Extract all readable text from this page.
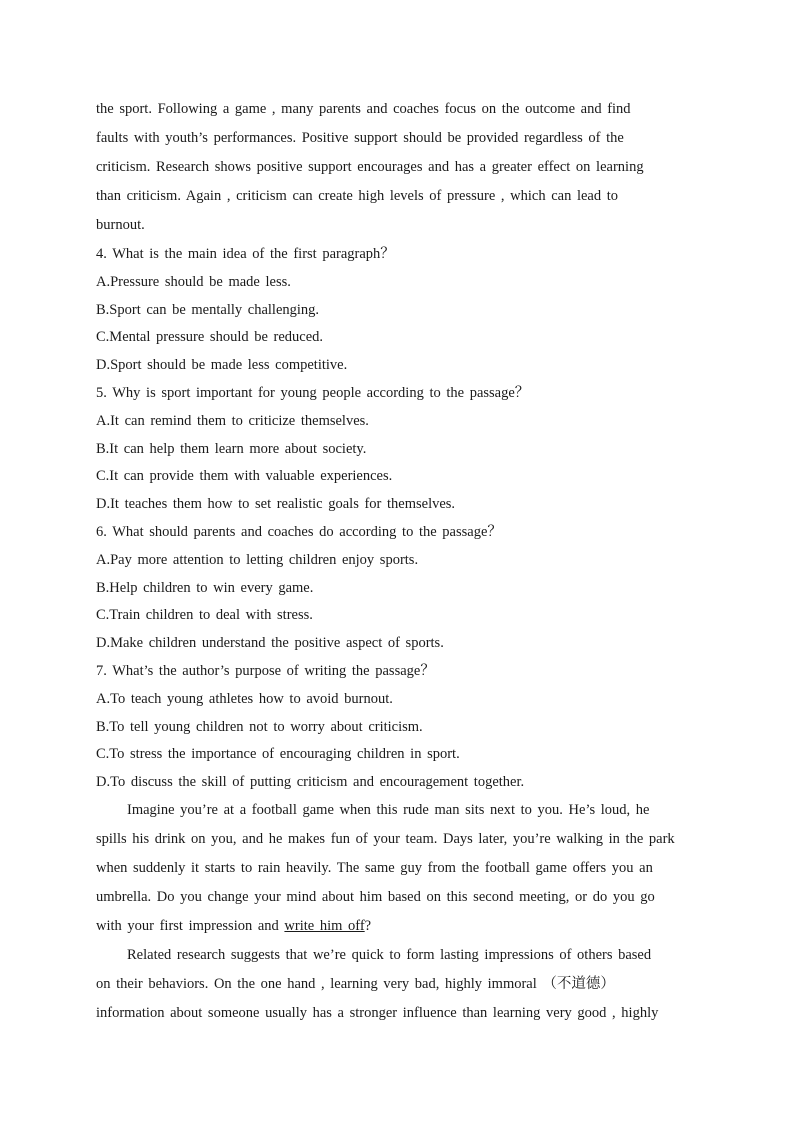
the sport. Following a game , many parents and coaches focus on the outcome and find
faults with youth’s performances. Positive support should be provided regardless of the
criticism. Research shows positive support encourages and has a greater effect on learning
than criticism. Again , criticism can create high levels of pressure , which can lead to
burnout.
4. What is the main idea of the first paragraph？
A.Pressure should be made less.
B.Sport can be mentally challenging.
C.Mental pressure should be reduced.
D.Sport should be made less competitive.
5. Why is sport important for young people according to the passage？
A.It can remind them to criticize themselves.
B.It can help them learn more about society.
C.It can provide them with valuable experiences.
D.It teaches them how to set realistic goals for themselves.
6. What should parents and coaches do according to the passage？
A.Pay more attention to letting children enjoy sports.
B.Help children to win every game.
C.Train children to deal with stress.
D.Make children understand the positive aspect of sports.
7. What’s the author’s purpose of writing the passage？
A.To teach young athletes how to avoid burnout.
B.To tell young children not to worry about criticism.
C.To stress the importance of encouraging children in sport.
D.To discuss the skill of putting criticism and encouragement together.
Imagine you’re at a football game when this rude man sits next to you. He’s loud, he
spills his drink on you, and he makes fun of your team. Days later, you’re walking in the park
when suddenly it starts to rain heavily. The same guy from the football game offers you an
umbrella. Do you change your mind about him based on this second meeting, or do you go
with your first impression and write him off?
Related research suggests that we’re quick to form lasting impressions of others based
on their behaviors. On the one hand , learning very bad, highly immoral （不道德）
information about someone usually has a stronger influence than learning very good , highly
